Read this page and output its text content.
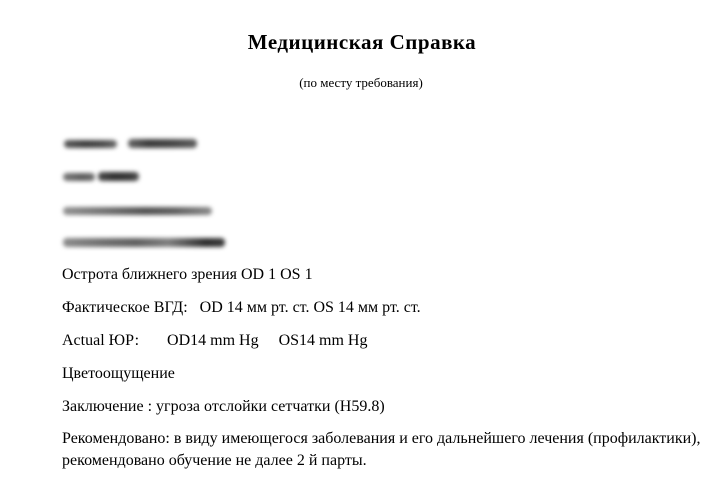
Медицинская Справка
(по месту требования)
Острота ближнего зрения OD 1 OS 1
Фактическое ВГД:   OD 14 мм рт. ст. OS 14 мм рт. ст.
Actual ЮР:       OD14 mm Hg     OS14 mm Hg
Цветоощущение
Заключение : угроза отслойки сетчатки (H59.8)
Рекомендовано: в виду имеющегося заболевания и его дальнейшего лечения (профилактики),
рекомендовано обучение не далее 2 й парты.
